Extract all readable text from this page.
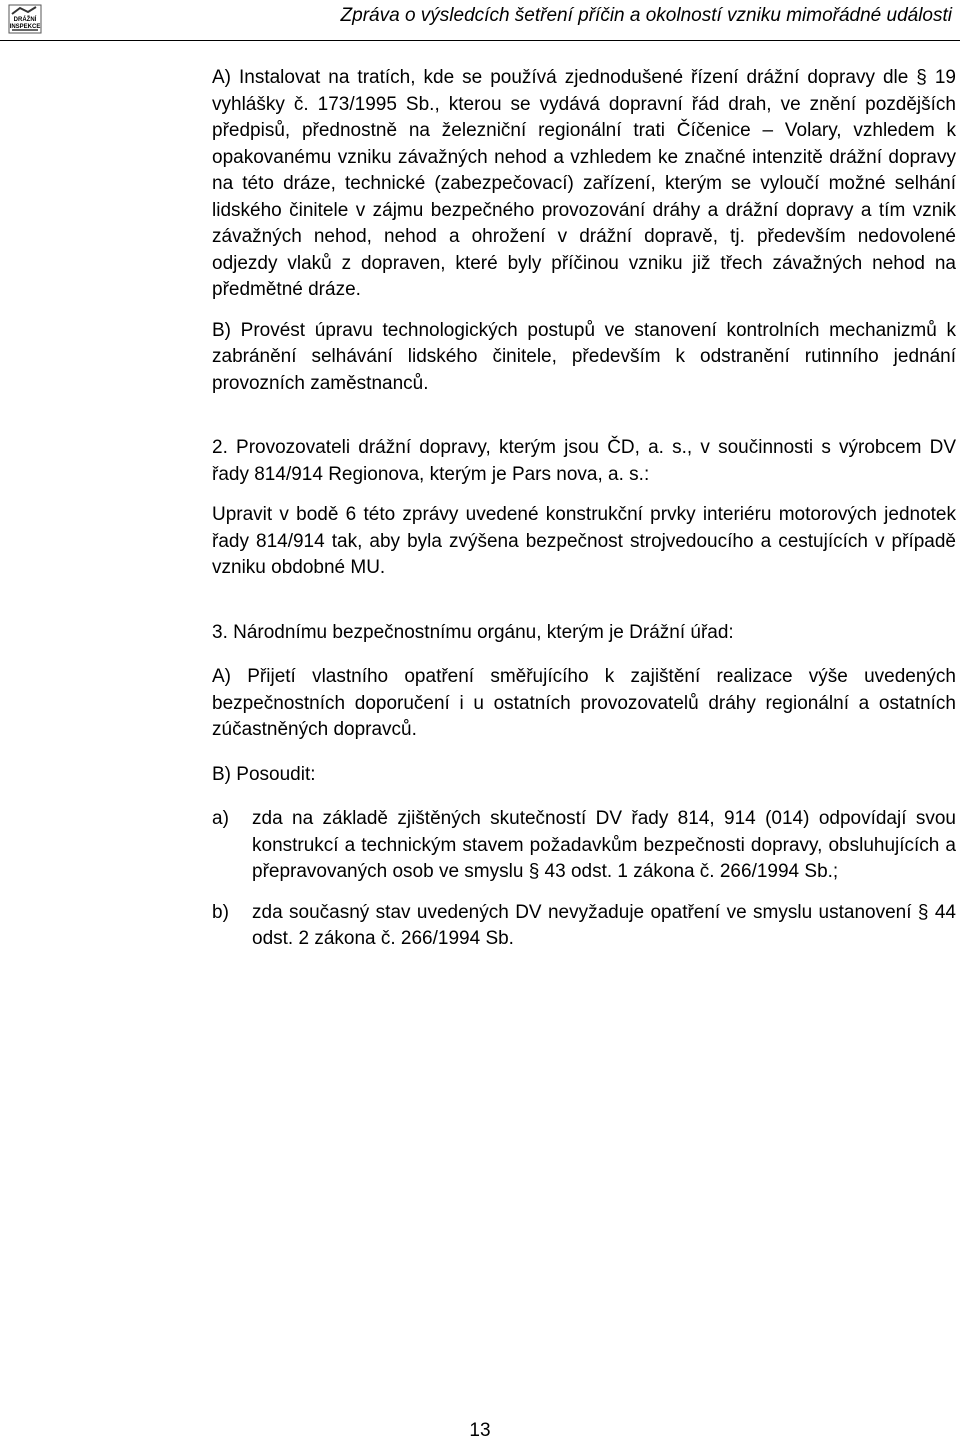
DRÁŽNÍ
INSPEKCE
Zpráva o výsledcích šetření příčin a okolností vzniku mimořádné události

A) Instalovat na tratích, kde se používá zjednodušené řízení drážní dopravy dle § 19 vyhlášky č. 173/1995 Sb., kterou se vydává dopravní řád drah, ve znění pozdějších předpisů, přednostně na železniční regionální trati Číčenice – Volary, vzhledem k opakovanému vzniku závažných nehod a vzhledem ke značné intenzitě drážní dopravy na této dráze, technické (zabezpečovací) zařízení, kterým se vyloučí možné selhání lidského činitele v zájmu bezpečného provozování dráhy a drážní dopravy a tím vznik závažných nehod, nehod a ohrožení v drážní dopravě, tj. především nedovolené odjezdy vlaků z dopraven, které byly příčinou vzniku již třech závažných nehod na předmětné dráze.

B) Provést úpravu technologických postupů ve stanovení kontrolních mechanizmů k zabránění selhávání lidského činitele, především k odstranění rutinního jednání provozních zaměstnanců.

2. Provozovateli drážní dopravy, kterým jsou ČD, a. s., v součinnosti s výrobcem DV řady 814/914 Regionova, kterým je Pars nova, a. s.:

Upravit v bodě 6 této zprávy uvedené konstrukční prvky interiéru motorových jednotek řady 814/914 tak, aby byla zvýšena bezpečnost strojvedoucího a cestujících v případě vzniku obdobné MU.

3. Národnímu bezpečnostnímu orgánu, kterým je Drážní úřad:

A) Přijetí vlastního opatření směřujícího k zajištění realizace výše uvedených bezpečnostních doporučení i u ostatních provozovatelů dráhy regionální a ostatních zúčastněných dopravců.

B) Posoudit:

a) zda na základě zjištěných skutečností DV řady 814, 914 (014) odpovídají svou konstrukcí a technickým stavem požadavkům bezpečnosti dopravy, obsluhujících a přepravovaných osob ve smyslu § 43 odst. 1 zákona č. 266/1994 Sb.;
b) zda současný stav uvedených DV nevyžaduje opatření ve smyslu ustanovení § 44 odst. 2 zákona č. 266/1994 Sb.
13
